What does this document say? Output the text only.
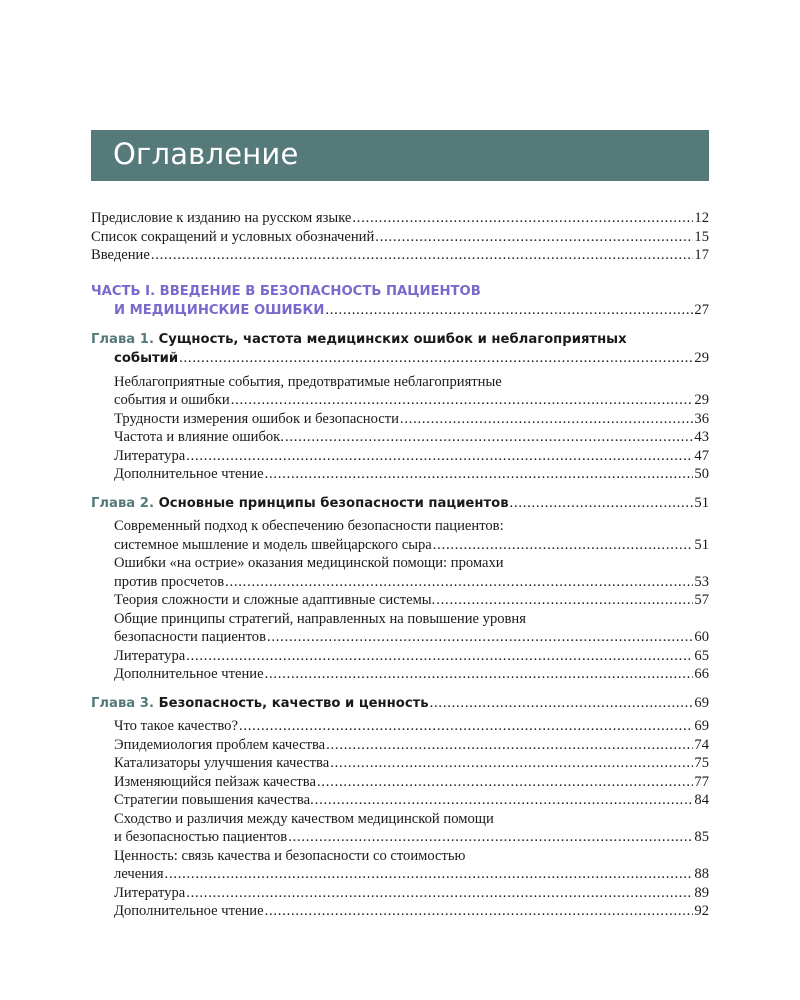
Оглавление
Предисловие к изданию на русском языке . . .	12
Список сокращений и условных обозначений . . .	15
Введение . . .	17
ЧАСТЬ I. ВВЕДЕНИЕ В БЕЗОПАСНОСТЬ ПАЦИЕНТОВ
И МЕДИЦИНСКИЕ ОШИБКИ . . .	27
Глава 1. Сущность, частота медицинских ошибок и неблагоприятных
событий . . .	29
Неблагоприятные события, предотвратимые неблагоприятные
события и ошибки . . .	29
Трудности измерения ошибок и безопасности . . .	36
Частота и влияние ошибок. . . .	43
Литература . . .	47
Дополнительное чтение . . .	50
Глава 2. Основные принципы безопасности пациентов . . .	51
Современный подход к обеспечению безопасности пациентов:
системное мышление и модель швейцарского сыра . . .	51
Ошибки «на острие» оказания медицинской помощи: промахи
против просчетов . . .	53
Теория сложности и сложные адаптивные системы. . . .	57
Общие принципы стратегий, направленных на повышение уровня
безопасности пациентов . . .	60
Литература . . .	65
Дополнительное чтение . . .	66
Глава 3. Безопасность, качество и ценность . . .	69
Что такое качество? . . .	69
Эпидемиология проблем качества . . .	74
Катализаторы улучшения качества . . .	75
Изменяющийся пейзаж качества . . .	77
Стратегии повышения качества. . . .	84
Сходство и различия между качеством медицинской помощи
и безопасностью пациентов . . .	85
Ценность: связь качества и безопасности со стоимостью
лечения . . .	88
Литература . . .	89
Дополнительное чтение . . .	92
